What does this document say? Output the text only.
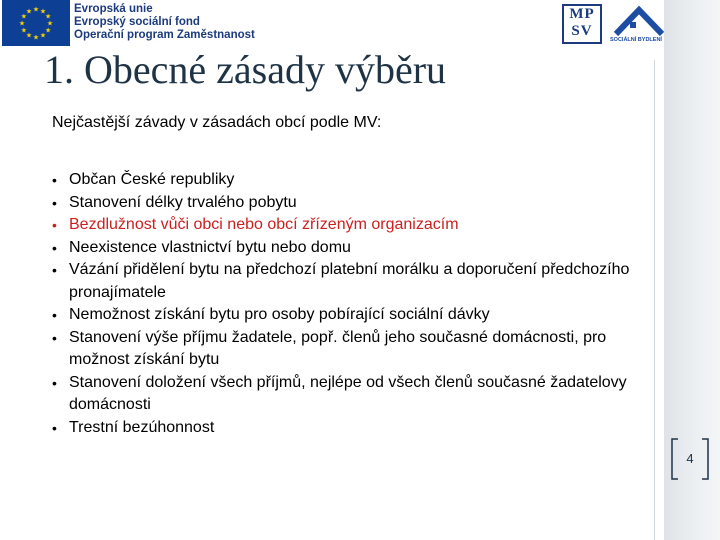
★ ★
★
★
★
★
★
★
★
★
★
★	Evropská unie
Evropský sociální fond
Operační program Zaměstnanost
MP
SV
SOCIÁLNÍ BYDLENÍ
1. Obecné zásady výběru
Nejčastější závady v zásadách obcí podle MV:
• Občan České republiky
• Stanovení délky trvalého pobytu
• Bezdlužnost vůči obci nebo obcí zřízeným organizacím
• Neexistence vlastnictví bytu nebo domu
• Vázání přidělení bytu na předchozí platební morálku a doporučení předchozího pronajímatele
• Nemožnost získání bytu pro osoby pobírající sociální dávky
• Stanovení výše příjmu žadatele, popř. členů jeho současné domácnosti, pro možnost získání bytu
• Stanovení doložení všech příjmů, nejlépe od všech členů současné žadatelovy domácnosti
• Trestní bezúhonnost
4
